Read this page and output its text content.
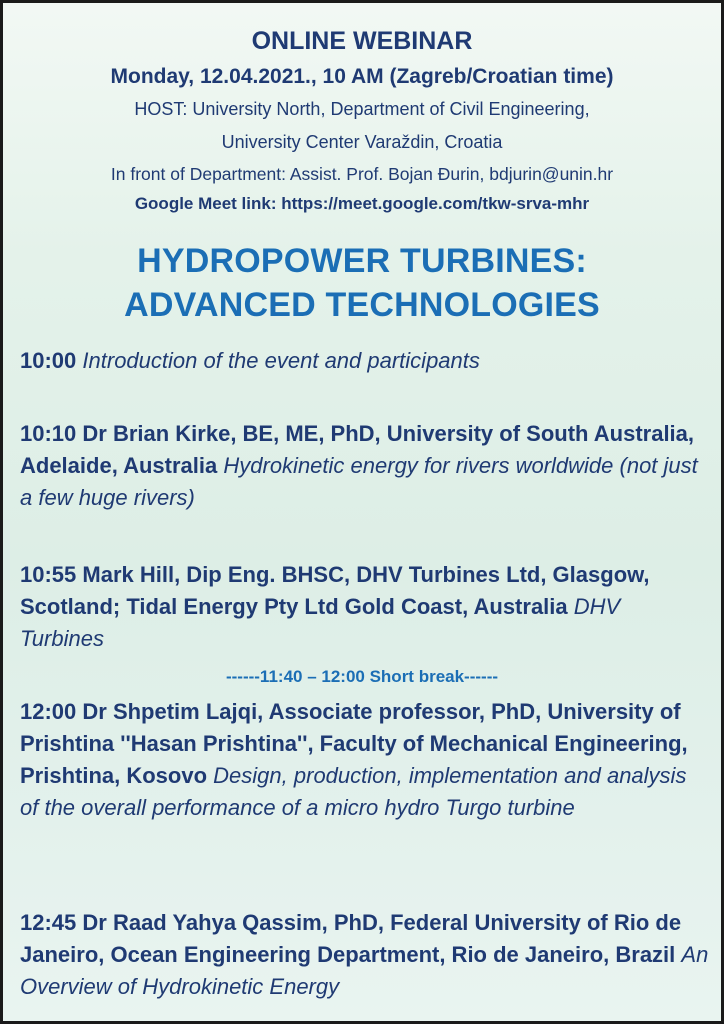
ONLINE WEBINAR
Monday, 12.04.2021., 10 AM (Zagreb/Croatian time)
HOST: University North, Department of Civil Engineering,
University Center Varaždin, Croatia
In front of Department: Assist. Prof. Bojan Đurin, bdjurin@unin.hr
Google Meet link: https://meet.google.com/tkw-srva-mhr
HYDROPOWER TURBINES:
ADVANCED TECHNOLOGIES
10:00 Introduction of the event and participants
10:10 Dr Brian Kirke, BE, ME, PhD, University of South Australia, Adelaide, Australia Hydrokinetic energy for rivers worldwide (not just a few huge rivers)
10:55 Mark Hill, Dip Eng. BHSC, DHV Turbines Ltd, Glasgow, Scotland; Tidal Energy Pty Ltd Gold Coast, Australia DHV Turbines
------11:40 – 12:00 Short break------
12:00 Dr Shpetim Lajqi, Associate professor, PhD, University of Prishtina ''Hasan Prishtina'', Faculty of Mechanical Engineering, Prishtina, Kosovo Design, production, implementation and analysis of the overall performance of a micro hydro Turgo turbine
12:45 Dr Raad Yahya Qassim, PhD, Federal University of Rio de Janeiro, Ocean Engineering Department, Rio de Janeiro, Brazil An Overview of Hydrokinetic Energy
